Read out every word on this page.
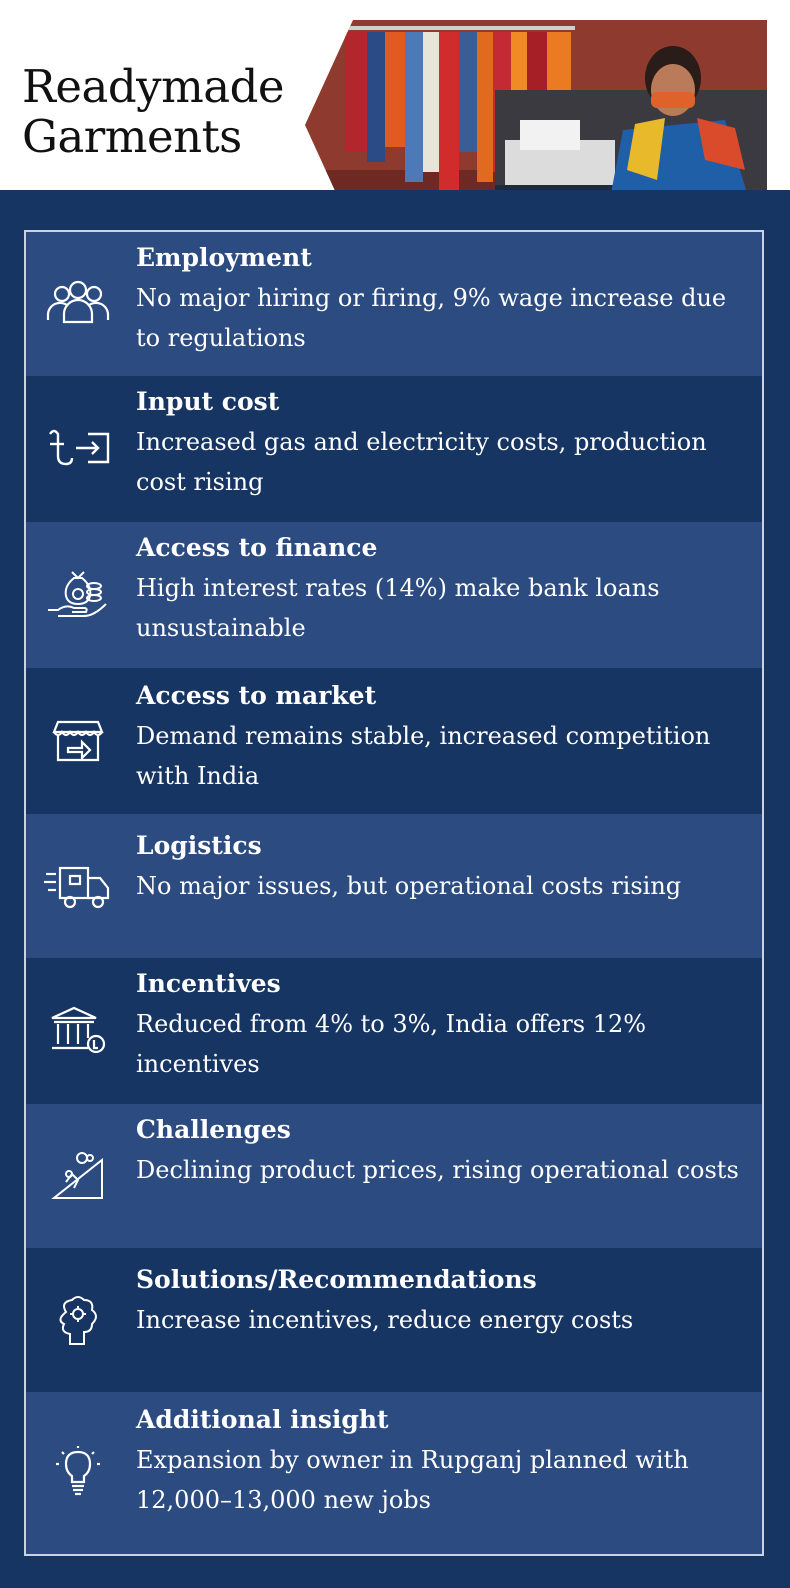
Readymade
Garments

Employment

No major hiring or firing, 9% wage increase due to regulations

Input cost

Increased gas and electricity costs, production cost rising

Access to finance

High interest rates (14%) make bank loans unsustainable

Access to market

Demand remains stable, increased competition with India

Logistics

No major issues, but operational costs rising

Incentives

Reduced from 4% to 3%, India offers 12% incentives

Challenges

Declining product prices, rising operational costs

Solutions/Recommendations

Increase incentives, reduce energy costs

Additional insight

Expansion by owner in Rupganj planned with 12,000–13,000 new jobs
